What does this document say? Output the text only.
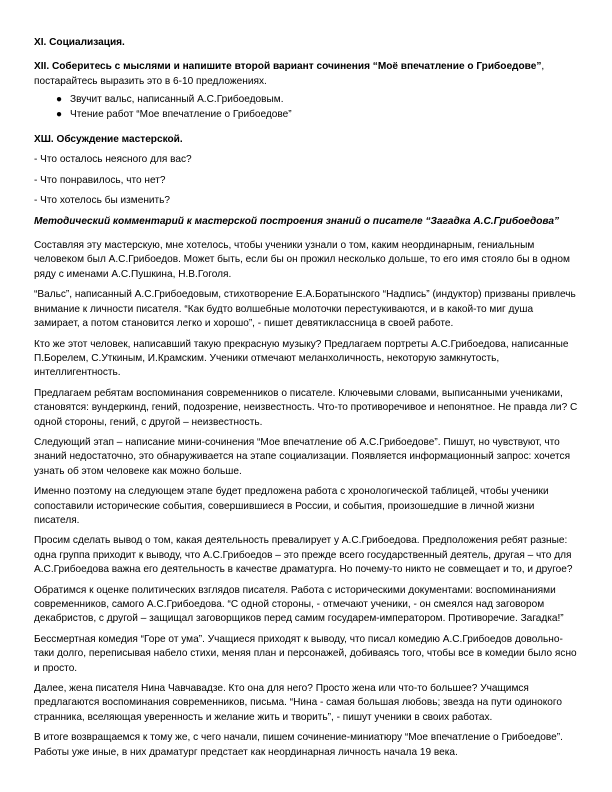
XI. Социализация.

XII. Соберитесь с мыслями и напишите второй вариант сочинения “Моё впечатление о Грибоедове”, постарайтесь выразить это в 6-10 предложениях.

● Звучит вальс, написанный А.С.Грибоедовым.
● Чтение работ “Мое впечатление о Грибоедове”

ХШ. Обсуждение мастерской.

- Что осталось неясного для вас?

- Что понравилось, что нет?

- Что хотелось бы изменить?

Методический комментарий к мастерской построения знаний о писателе “Загадка А.С.Грибоедова”

Составляя эту мастерскую, мне хотелось, чтобы ученики узнали о том, каким неординарным, гениальным человеком был А.С.Грибоедов. Может быть, если бы он прожил несколько дольше, то его имя стояло бы в одном ряду с именами А.С.Пушкина, Н.В.Гоголя.

“Вальс”, написанный А.С.Грибоедовым, стихотворение Е.А.Боратынского “Надпись” (индуктор) призваны привлечь внимание к личности писателя. “Как будто волшебные молоточки перестукиваются, и в какой-то миг душа замирает, а потом становится легко и хорошо”, - пишет девятиклассница в своей работе.

Кто же этот человек, написавший такую прекрасную музыку? Предлагаем портреты А.С.Грибоедова, написанные П.Борелем, С.Уткиным, И.Крамским. Ученики отмечают меланхоличность, некоторую замкнутость, интеллигентность.

Предлагаем ребятам воспоминания современников о писателе. Ключевыми словами, выписанными учениками, становятся: вундеркинд, гений, подозрение, неизвестность. Что-то противоречивое и непонятное. Не правда ли? С одной стороны, гений, с другой – неизвестность.

Следующий этап – написание мини-сочинения “Мое впечатление об А.С.Грибоедове”. Пишут, но чувствуют, что знаний недостаточно, это обнаруживается на этапе социализации. Появляется информационный запрос: хочется узнать об этом человеке как можно больше.

Именно поэтому на следующем этапе будет предложена работа с хронологической таблицей, чтобы ученики сопоставили исторические события, совершившиеся в России, и события, произошедшие в личной жизни писателя.

Просим сделать вывод о том, какая деятельность превалирует у А.С.Грибоедова. Предположения ребят разные: одна группа приходит к выводу, что А.С.Грибоедов – это прежде всего государственный деятель, другая – что для А.С.Грибоедова важна его деятельность в качестве драматурга. Но почему-то никто не совмещает и то, и другое?

Обратимся к оценке политических взглядов писателя. Работа с историческими документами: воспоминаниями современников, самого А.С.Грибоедова. “С одной стороны, - отмечают ученики, - он смеялся над заговором декабристов, с другой – защищал заговорщиков перед самим государем-императором. Противоречие. Загадка!”

Бессмертная комедия “Горе от ума”. Учащиеся приходят к выводу, что писал комедию А.С.Грибоедов довольно-таки долго, переписывая набело стихи, меняя план и персонажей, добиваясь того, чтобы все в комедии было ясно и просто.

Далее, жена писателя Нина Чавчавадзе. Кто она для него? Просто жена или что-то большее? Учащимся предлагаются воспоминания современников, письма. “Нина - самая большая любовь; звезда на пути одинокого странника, вселяющая уверенность и желание жить и творить”, - пишут ученики в своих работах.

В итоге возвращаемся к тому же, с чего начали, пишем сочинение-миниатюру “Мое впечатление о Грибоедове”. Работы уже иные, в них драматург предстает как неординарная личность начала 19 века.
